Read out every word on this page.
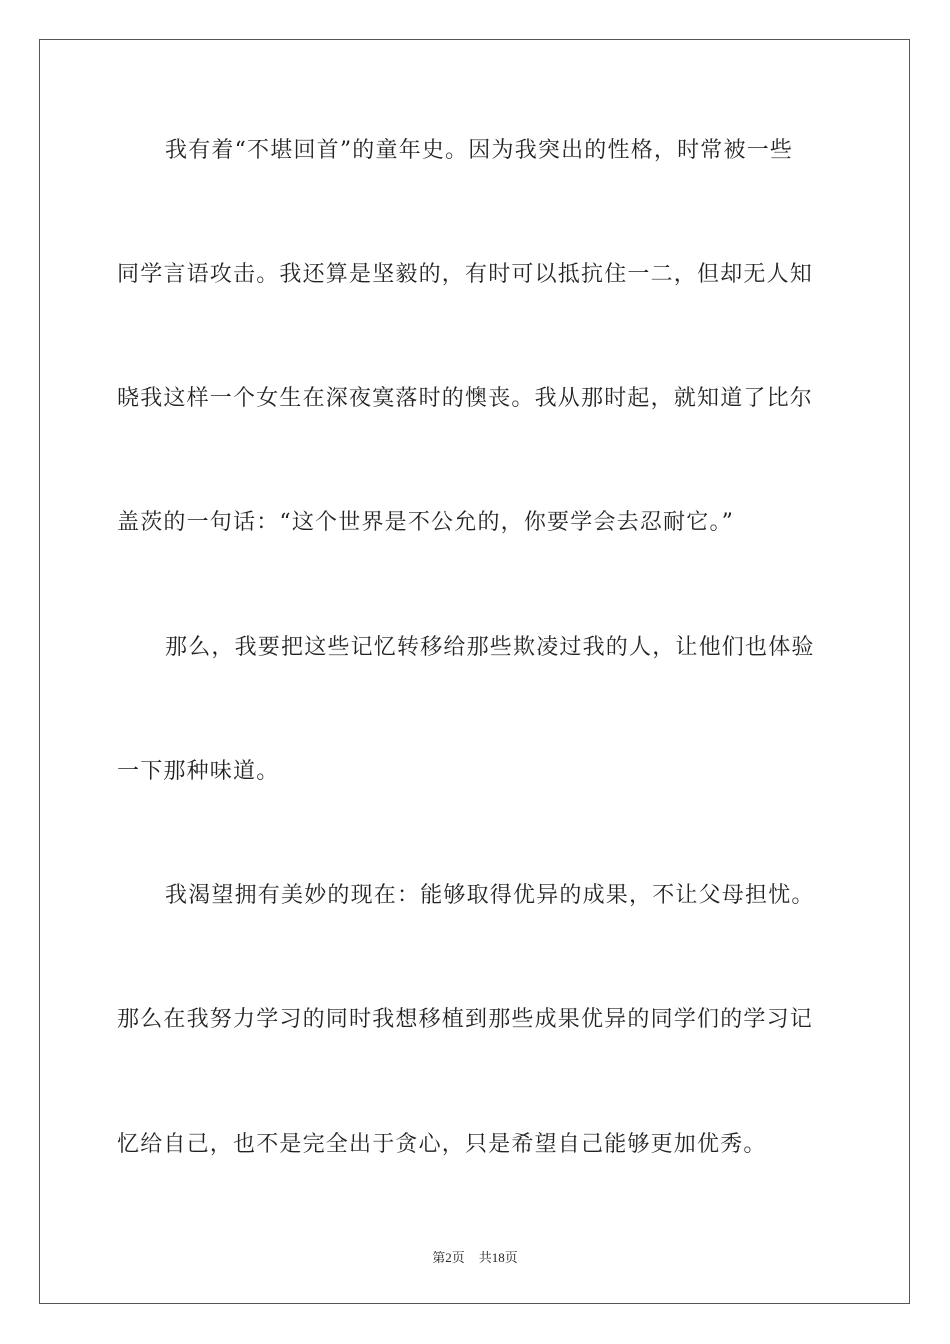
我有着“不堪回首”的童年史。因为我突出的性格，时常被一些
同学言语攻击。我还算是坚毅的，有时可以抵抗住一二，但却无人知
晓我这样一个女生在深夜寞落时的懊丧。我从那时起，就知道了比尔
盖茨的一句话：“这个世界是不公允的，你要学会去忍耐它。”
那么，我要把这些记忆转移给那些欺凌过我的人，让他们也体验
一下那种味道。
我渴望拥有美妙的现在：能够取得优异的成果，不让父母担忧。
那么在我努力学习的同时我想移植到那些成果优异的同学们的学习记
忆给自己，也不是完全出于贪心，只是希望自己能够更加优秀。
第2页 共18页
